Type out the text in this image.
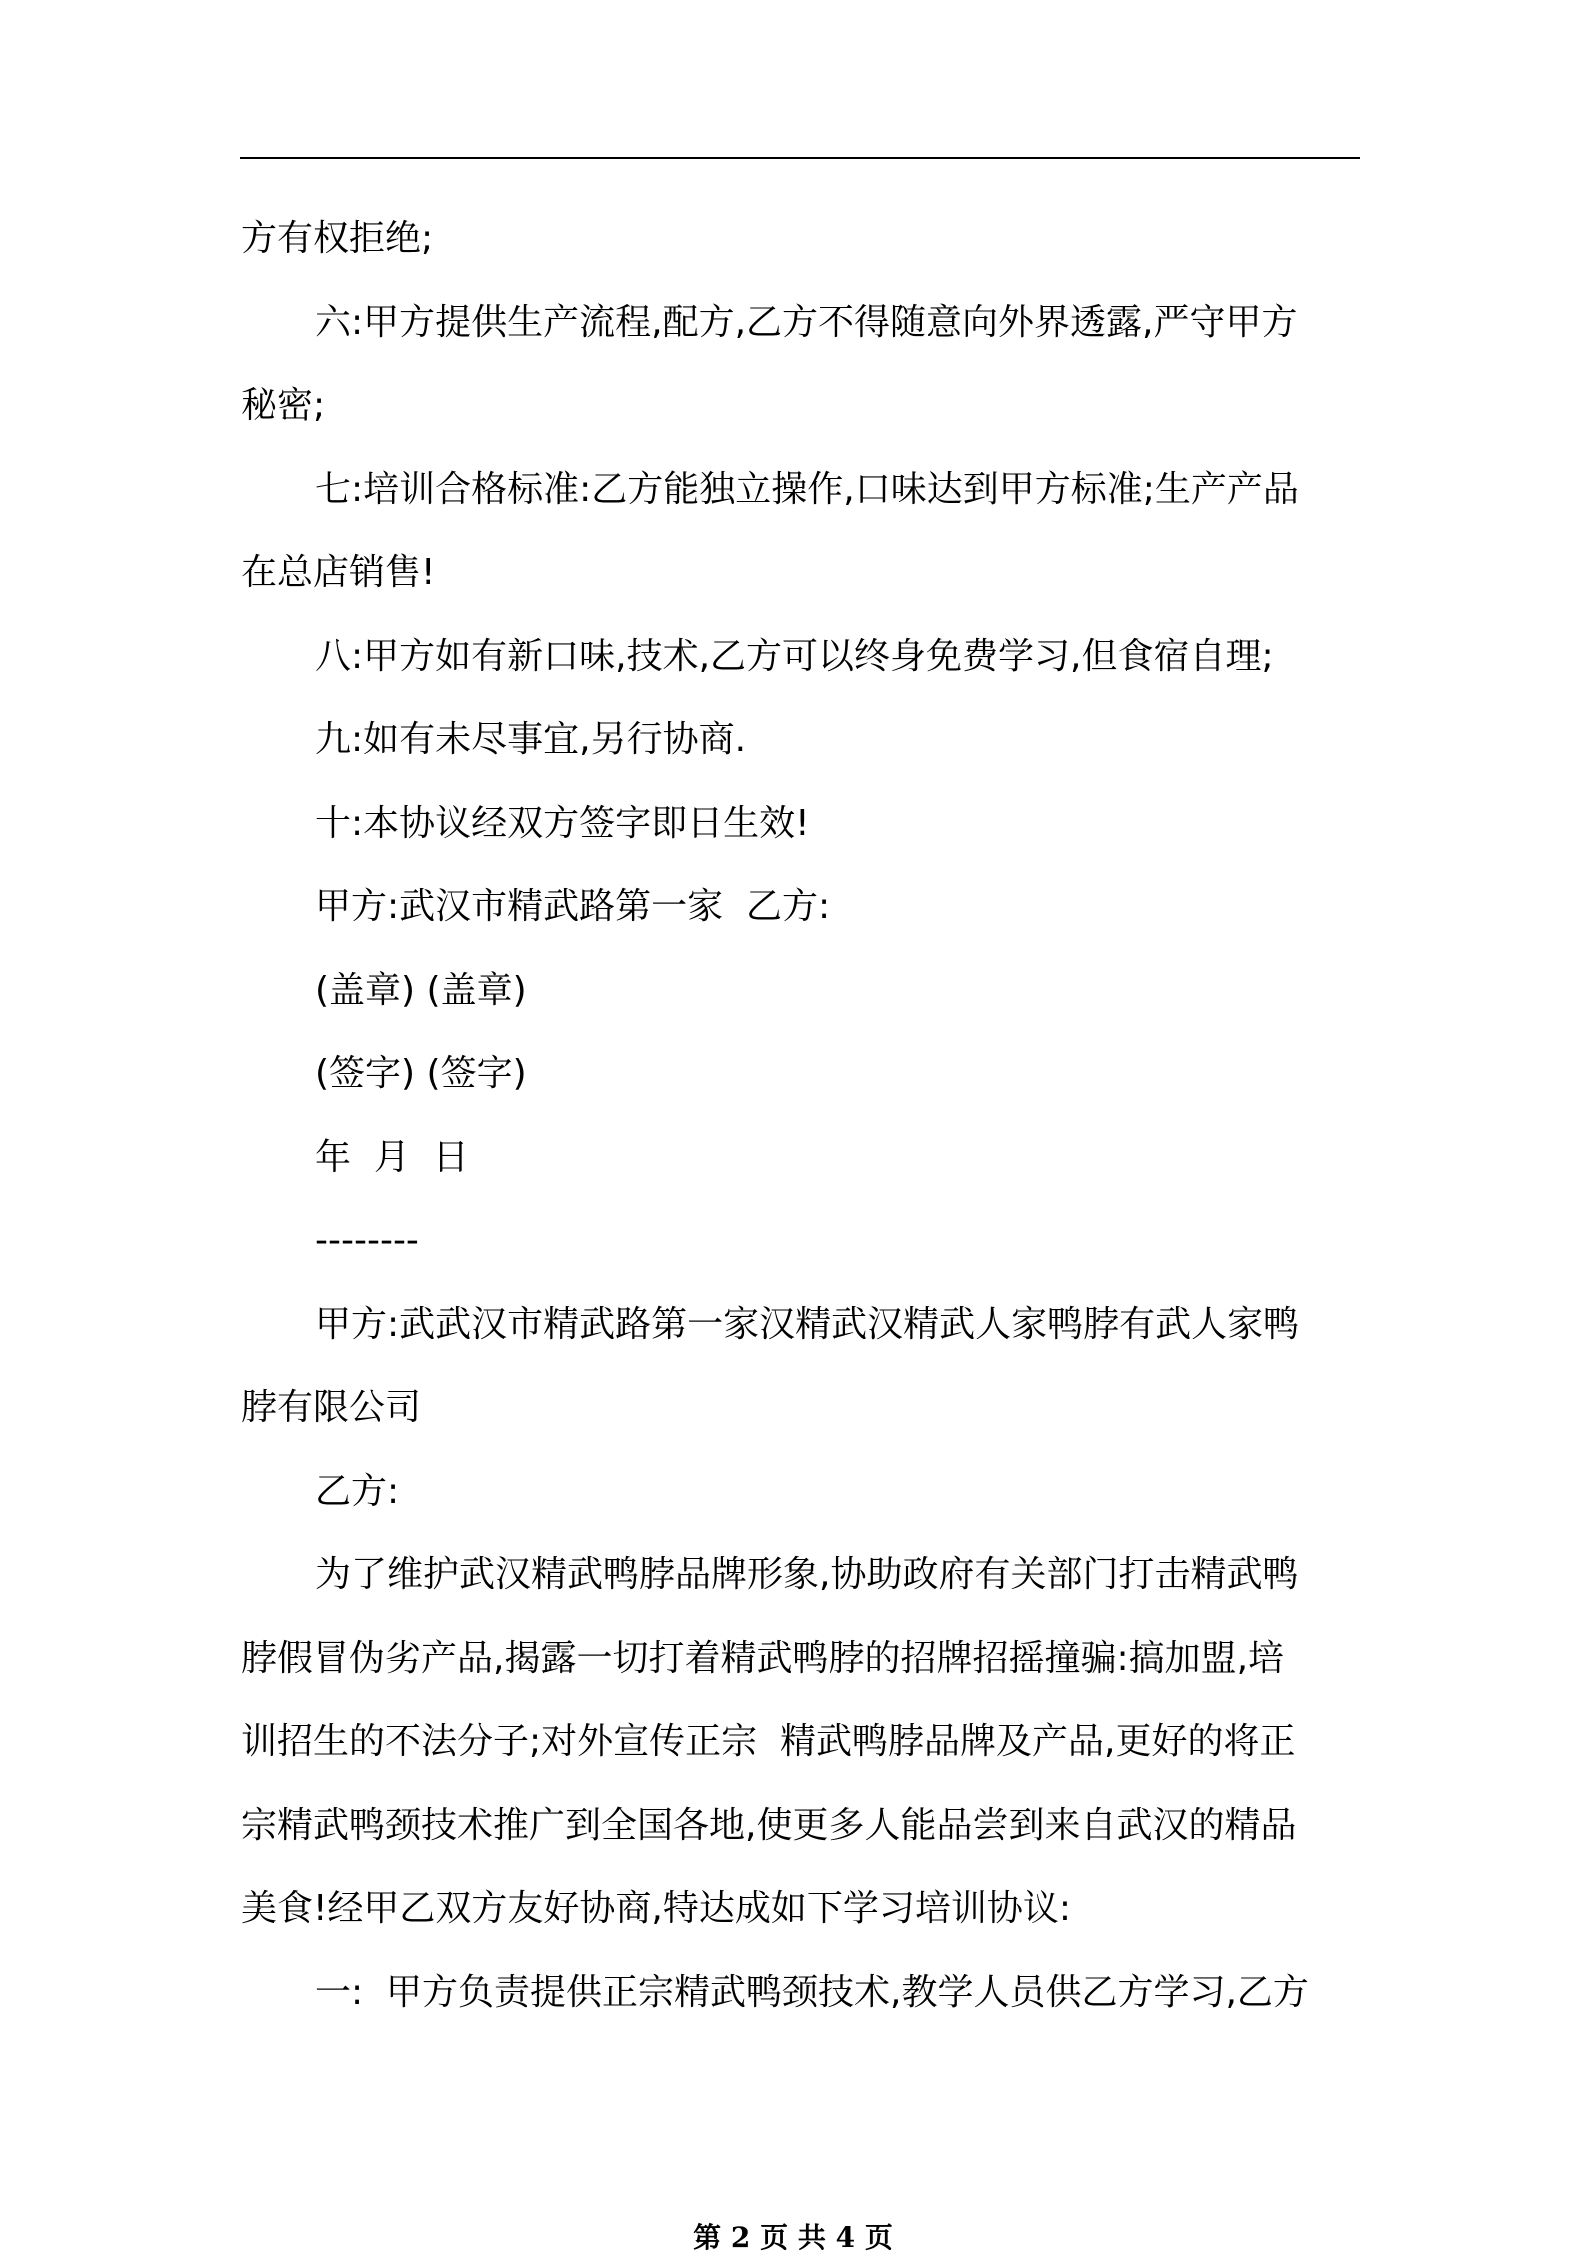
方有权拒绝;
六:甲方提供生产流程,配方,乙方不得随意向外界透露,严守甲方
秘密;
七:培训合格标准:乙方能独立操作,口味达到甲方标准;生产产品
在总店销售!
八:甲方如有新口味,技术,乙方可以终身免费学习,但食宿自理;
九:如有未尽事宜,另行协商.
十:本协议经双方签字即日生效!
甲方:武汉市精武路第一家  乙方:
(盖章) (盖章)
(签字) (签字)
年  月  日
--------
甲方:武武汉市精武路第一家汉精武汉精武人家鸭脖有武人家鸭
脖有限公司
乙方:
为了维护武汉精武鸭脖品牌形象,协助政府有关部门打击精武鸭
脖假冒伪劣产品,揭露一切打着精武鸭脖的招牌招摇撞骗:搞加盟,培
训招生的不法分子;对外宣传正宗  精武鸭脖品牌及产品,更好的将正
宗精武鸭颈技术推广到全国各地,使更多人能品尝到来自武汉的精品
美食!经甲乙双方友好协商,特达成如下学习培训协议:
一:  甲方负责提供正宗精武鸭颈技术,教学人员供乙方学习,乙方
第 2 页 共 4 页
